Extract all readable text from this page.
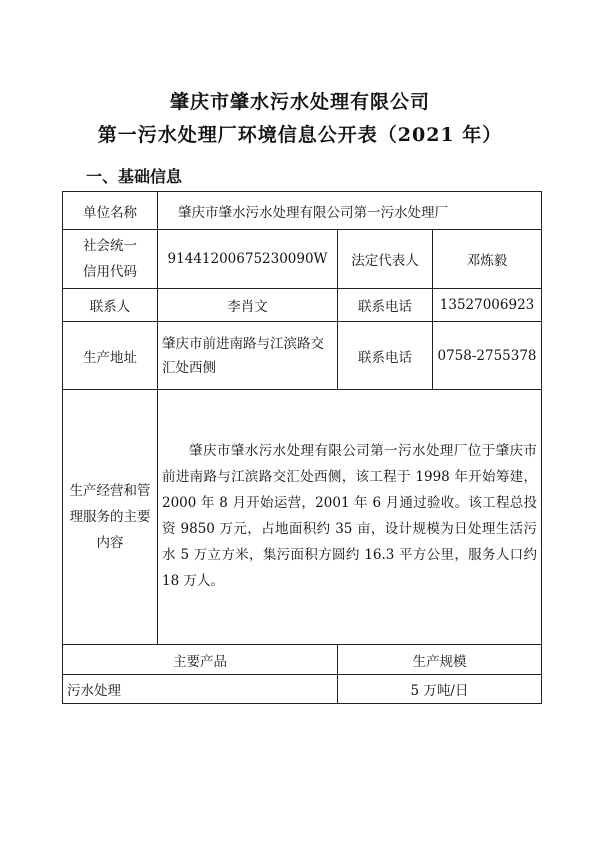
肇庆市肇水污水处理有限公司
第一污水处理厂环境信息公开表（2021 年）
一、基础信息
单位名称	肇庆市肇水污水处理有限公司第一污水处理厂		
社会统一
信用代码	91441200675230090W	法定代表人	邓炼毅
联系人	李肖文	联系电话	13527006923
生产地址	肇庆市前进南路与江滨路交汇处西侧	联系电话	0758-2755378
生产经营和管理服务的主要内容	肇庆市肇水污水处理有限公司第一污水处理厂位于肇庆市前进南路与江滨路交汇处西侧，该工程于 1998 年开始筹建，2000 年 8 月开始运营，2001 年 6 月通过验收。该工程总投资 9850 万元，占地面积约 35 亩，设计规模为日处理生活污水 5 万立方米，集污面积方圆约 16.3 平方公里，服务人口约 18 万人。		

主要产品		生产规模	
污水处理		5 万吨/日	
